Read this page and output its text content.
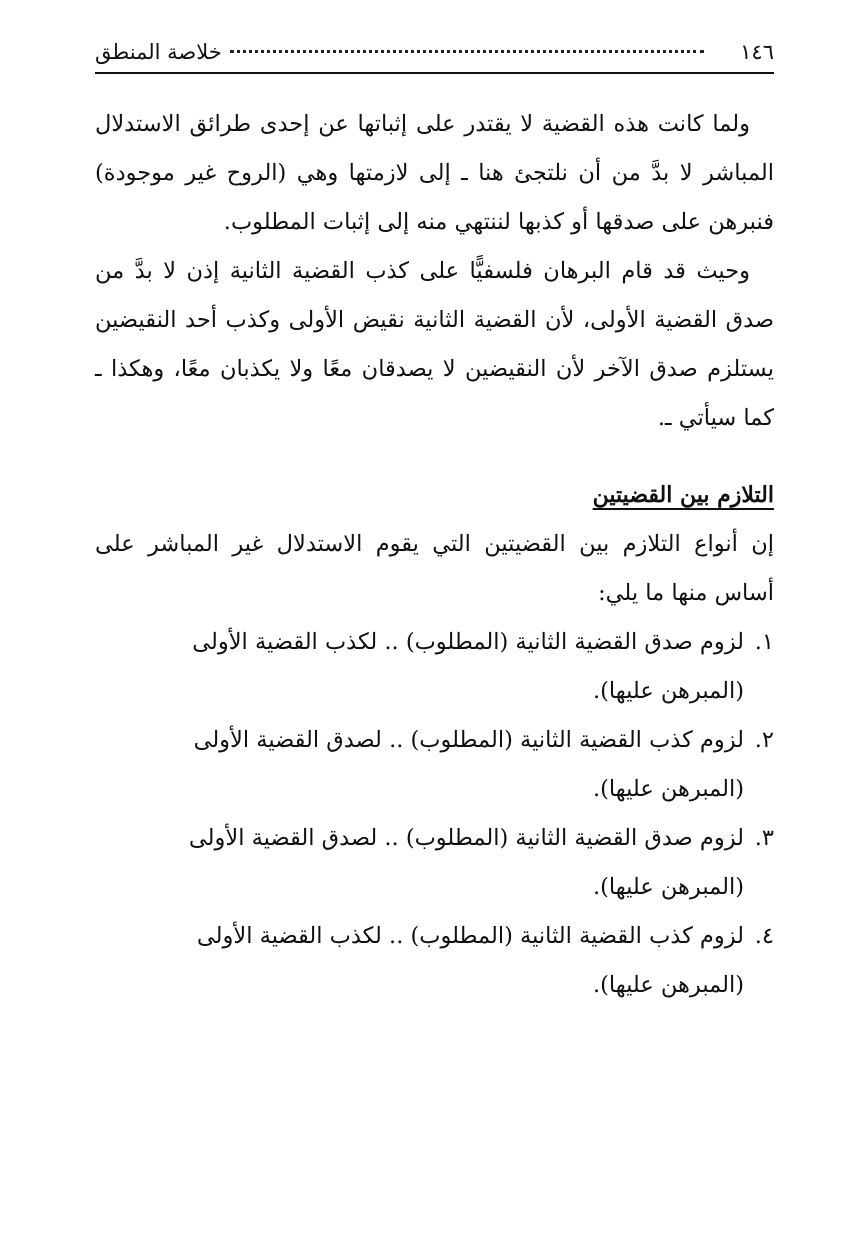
خلاصة المنطق	١٤٦

ولما كانت هذه القضية لا يقتدر على إثباتها عن إحدى طرائق الاستدلال المباشر لا بدَّ من أن نلتجئ هنا ـ إلى لازمتها وهي (الروح غير موجودة) فنبرهن على صدقها أو كذبها لننتهي منه إلى إثبات المطلوب.

وحيث قد قام البرهان فلسفيًّا على كذب القضية الثانية إذن لا بدَّ من صدق القضية الأولى، لأن القضية الثانية نقيض الأولى وكذب أحد النقيضين يستلزم صدق الآخر لأن النقيضين لا يصدقان معًا ولا يكذبان معًا، وهكذا ـ كما سيأتي ـ.

التلازم بين القضيتين

إن أنواع التلازم بين القضيتين التي يقوم الاستدلال غير المباشر على أساس منها ما يلي:

١.
لزوم صدق القضية الثانية (المطلوب) .. لكذب القضية الأولى
(المبرهن عليها).
٢.
لزوم كذب القضية الثانية (المطلوب) .. لصدق القضية الأولى
(المبرهن عليها).
٣.
لزوم صدق القضية الثانية (المطلوب) .. لصدق القضية الأولى
(المبرهن عليها).
٤.
لزوم كذب القضية الثانية (المطلوب) .. لكذب القضية الأولى
(المبرهن عليها).
